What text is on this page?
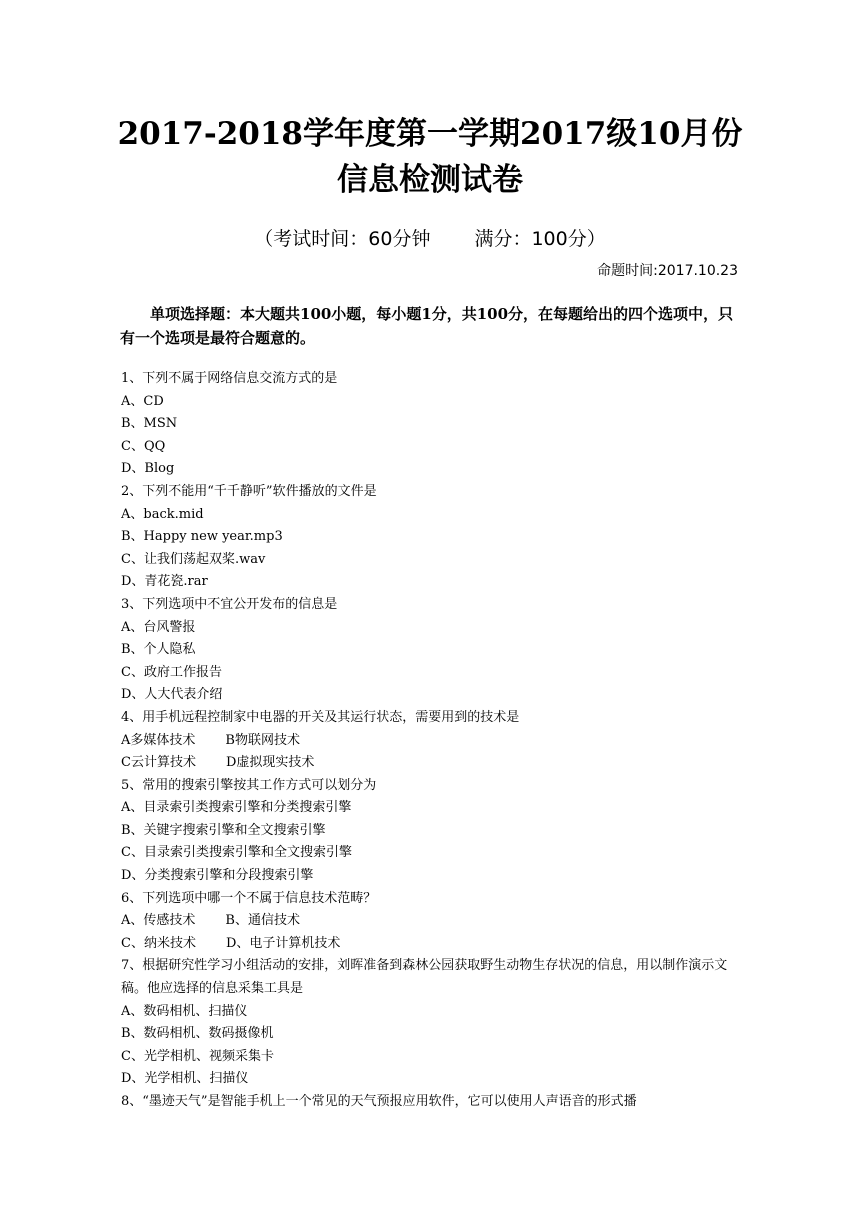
2017-2018学年度第一学期2017级10月份
信息检测试卷
（考试时间：60分钟 满分：100分）
命题时间:2017.10.23
单项选择题：本大题共100小题，每小题1分，共100分，在每题给出的四个选项中，只有一个选项是最符合题意的。
1、下列不属于网络信息交流方式的是
A、CD
B、MSN
C、QQ
D、Blog
2、下列不能用“千千静听”软件播放的文件是
A、back.mid
B、Happy new year.mp3
C、让我们荡起双桨.wav
D、青花瓷.rar
3、下列选项中不宜公开发布的信息是
A、台风警报
B、个人隐私
C、政府工作报告
D、人大代表介绍
4、用手机远程控制家中电器的开关及其运行状态，需要用到的技术是
A多媒体技术 B物联网技术
C云计算技术 D虚拟现实技术
5、常用的搜索引擎按其工作方式可以划分为
A、目录索引类搜索引擎和分类搜索引擎
B、关键字搜索引擎和全文搜索引擎
C、目录索引类搜索引擎和全文搜索引擎
D、分类搜索引擎和分段搜索引擎
6、下列选项中哪一个不属于信息技术范畴？
A、传感技术 B、通信技术
C、纳米技术 D、电子计算机技术
7、根据研究性学习小组活动的安排，刘晖准备到森林公园获取野生动物生存状况的信息，用以制作演示文稿。他应选择的信息采集工具是
A、数码相机、扫描仪
B、数码相机、数码摄像机
C、光学相机、视频采集卡
D、光学相机、扫描仪
8、“墨迹天气”是智能手机上一个常见的天气预报应用软件，它可以使用人声语音的形式播
